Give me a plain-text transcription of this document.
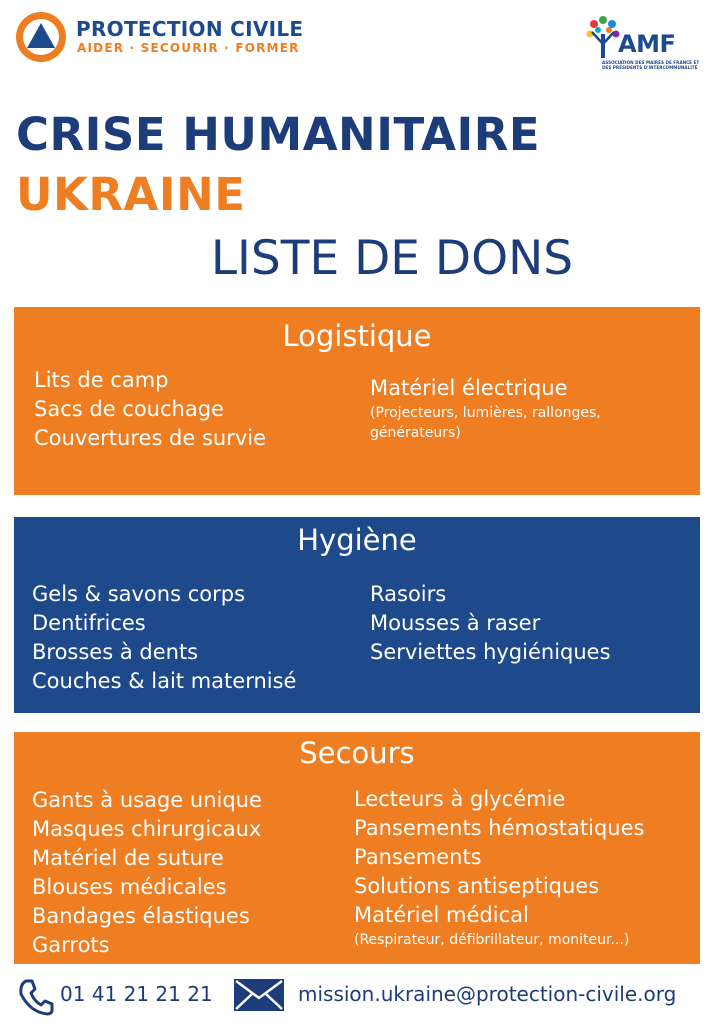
PROTECTION CIVILE
AIDER · SECOURIR · FORMER	AMF
ASSOCIATION DES MAIRES DE FRANCE ET DES PRÉSIDENTS D'INTERCOMMUNALITÉ
CRISE HUMANITAIRE
UKRAINE
LISTE DE DONS
Logistique
Lits de camp
Sacs de couchage
Couvertures de survie
Matériel électrique
(Projecteurs, lumières, rallonges,
générateurs)
Hygiène
Gels & savons corps
Dentifrices
Brosses à dents
Couches & lait maternisé
Rasoirs
Mousses à raser
Serviettes hygiéniques
Secours
Gants à usage unique
Masques chirurgicaux
Matériel de suture
Blouses médicales
Bandages élastiques
Garrots
Lecteurs à glycémie
Pansements hémostatiques
Pansements
Solutions antiseptiques
Matériel médical
(Respirateur, défibrillateur, moniteur...)
01 41 21 21 21	mission.ukraine@protection-civile.org
